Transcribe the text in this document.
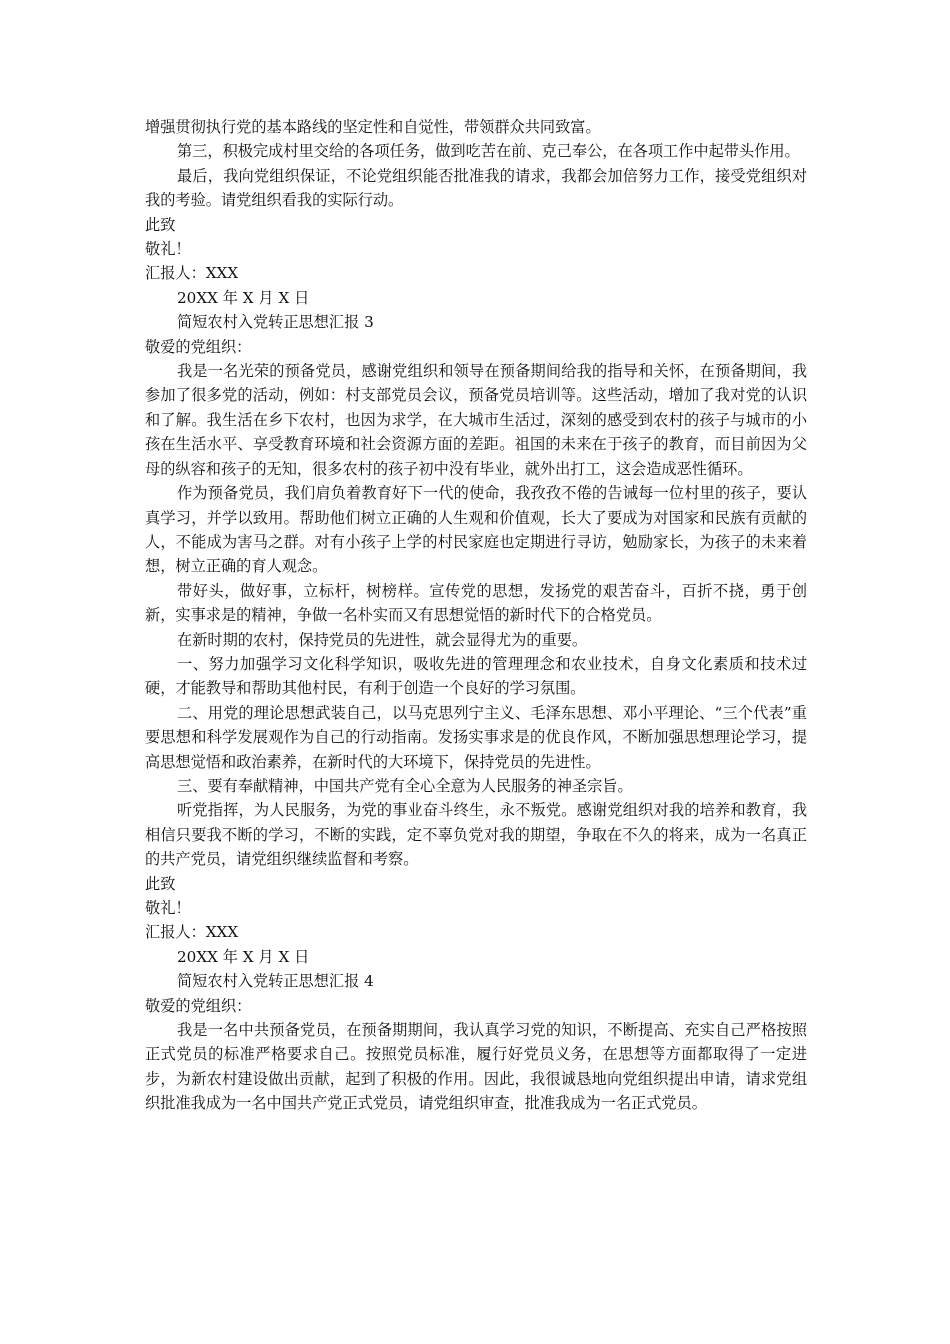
增强贯彻执行党的基本路线的坚定性和自觉性，带领群众共同致富。

第三，积极完成村里交给的各项任务，做到吃苦在前、克己奉公，在各项工作中起带头作用。

最后，我向党组织保证，不论党组织能否批准我的请求，我都会加倍努力工作，接受党组织对我的考验。请党组织看我的实际行动。

此致

敬礼！

汇报人：XXX

20XX 年 X 月 X 日

简短农村入党转正思想汇报 3

敬爱的党组织：

我是一名光荣的预备党员，感谢党组织和领导在预备期间给我的指导和关怀，在预备期间，我参加了很多党的活动，例如：村支部党员会议，预备党员培训等。这些活动，增加了我对党的认识和了解。我生活在乡下农村，也因为求学，在大城市生活过，深刻的感受到农村的孩子与城市的小孩在生活水平、享受教育环境和社会资源方面的差距。祖国的未来在于孩子的教育，而目前因为父母的纵容和孩子的无知，很多农村的孩子初中没有毕业，就外出打工，这会造成恶性循环。

作为预备党员，我们肩负着教育好下一代的使命，我孜孜不倦的告诫每一位村里的孩子，要认真学习，并学以致用。帮助他们树立正确的人生观和价值观，长大了要成为对国家和民族有贡献的人，不能成为害马之群。对有小孩子上学的村民家庭也定期进行寻访，勉励家长，为孩子的未来着想，树立正确的育人观念。

带好头，做好事，立标杆，树榜样。宣传党的思想，发扬党的艰苦奋斗，百折不挠，勇于创新，实事求是的精神，争做一名朴实而又有思想觉悟的新时代下的合格党员。

在新时期的农村，保持党员的先进性，就会显得尤为的重要。

一、努力加强学习文化科学知识，吸收先进的管理理念和农业技术，自身文化素质和技术过硬，才能教导和帮助其他村民，有利于创造一个良好的学习氛围。

二、用党的理论思想武装自己，以马克思列宁主义、毛泽东思想、邓小平理论、“三个代表”重要思想和科学发展观作为自己的行动指南。发扬实事求是的优良作风，不断加强思想理论学习，提高思想觉悟和政治素养，在新时代的大环境下，保持党员的先进性。

三、要有奉献精神，中国共产党有全心全意为人民服务的神圣宗旨。

听党指挥，为人民服务，为党的事业奋斗终生，永不叛党。感谢党组织对我的培养和教育，我相信只要我不断的学习，不断的实践，定不辜负党对我的期望，争取在不久的将来，成为一名真正的共产党员，请党组织继续监督和考察。

此致

敬礼！

汇报人：XXX

20XX 年 X 月 X 日

简短农村入党转正思想汇报 4

敬爱的党组织：

我是一名中共预备党员，在预备期期间，我认真学习党的知识，不断提高、充实自己严格按照正式党员的标准严格要求自己。按照党员标准，履行好党员义务，在思想等方面都取得了一定进步，为新农村建设做出贡献，起到了积极的作用。因此，我很诚恳地向党组织提出申请，请求党组织批准我成为一名中国共产党正式党员，请党组织审查，批准我成为一名正式党员。
